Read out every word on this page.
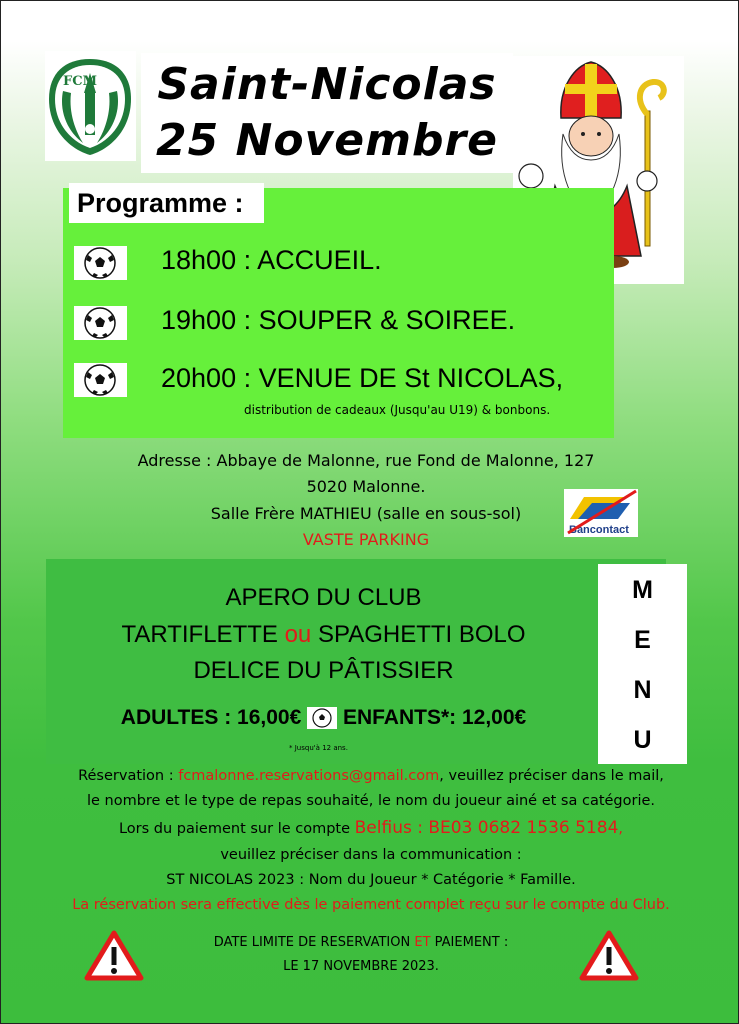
FCM	Saint-Nicolas
25 Novembre
Programme :
18h00 : ACCUEIL.
19h00 : SOUPER & SOIREE.
20h00 : VENUE DE St NICOLAS,
distribution de cadeaux (Jusqu'au U19) & bonbons.
Adresse : Abbaye de Malonne, rue Fond de Malonne, 127
5020 Malonne.
Salle Frère MATHIEU (salle en sous-sol)
VASTE PARKING	Bancontact
APERO DU CLUB
TARTIFLETTE ou SPAGHETTI BOLO
DELICE DU PÂTISSIER
ADULTES : 16,00€ ENFANTS*: 12,00€
* Jusqu'à 12 ans.
M
E
N
U
Réservation : fcmalonne.reservations@gmail.com, veuillez préciser dans le mail,
le nombre et le type de repas souhaité, le nom du joueur ainé et sa catégorie.
Lors du paiement sur le compte Belfius : BE03 0682 1536 5184,
veuillez préciser dans la communication :
ST NICOLAS 2023 : Nom du Joueur * Catégorie * Famille.
La réservation sera effective dès le paiement complet reçu sur le compte du Club.
DATE LIMITE DE RESERVATION ET PAIEMENT :
LE 17 NOVEMBRE 2023.
